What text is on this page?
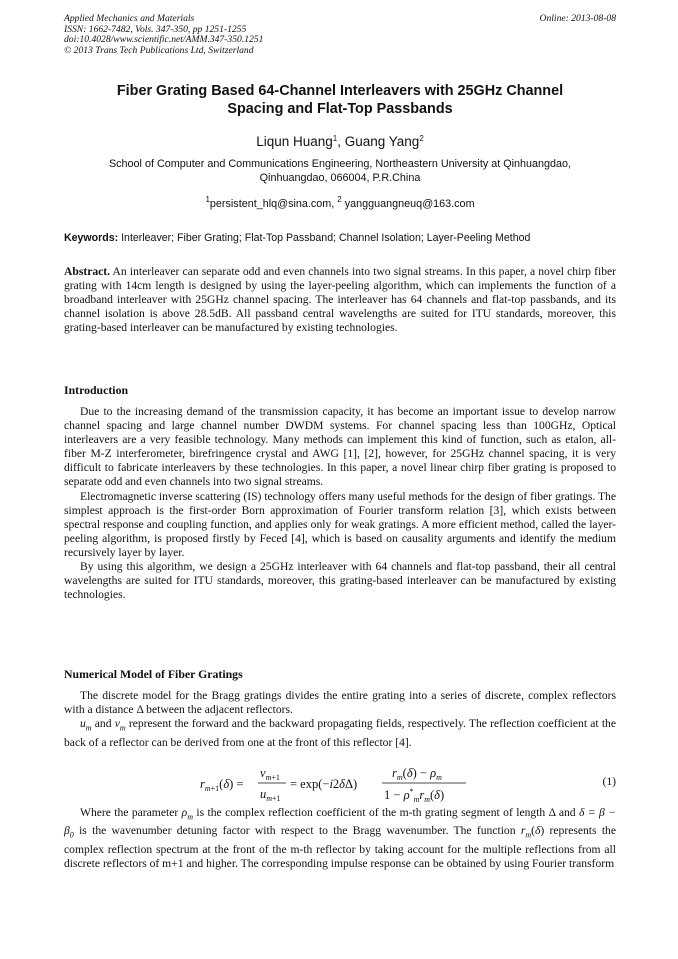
Applied Mechanics and Materials
ISSN: 1662-7482, Vols. 347-350, pp 1251-1255
doi:10.4028/www.scientific.net/AMM.347-350.1251
© 2013 Trans Tech Publications Ltd, Switzerland
Online: 2013-08-08
Fiber Grating Based 64-Channel Interleavers with 25GHz Channel
Spacing and Flat-Top Passbands
Liqun Huang$^1$, Guang Yang$^2$
School of Computer and Communications Engineering, Northeastern University at Qinhuangdao,
Qinhuangdao, 066004, P.R.China
$^1$persistent_hlq@sina.com, $^2$ yangguangneuq@163.com
Keywords: Interleaver; Fiber Grating; Flat-Top Passband; Channel Isolation; Layer-Peeling Method

Abstract. An interleaver can separate odd and even channels into two signal streams. In this paper, a novel chirp fiber grating with 14cm length is designed by using the layer-peeling algorithm, which can implements the function of a broadband interleaver with 25GHz channel spacing. The interleaver has 64 channels and flat-top passbands, and its channel isolation is above 28.5dB. All passband central wavelengths are suited for ITU standards, moreover, this grating-based interleaver can be manufactured by existing technologies.

Introduction

Due to the increasing demand of the transmission capacity, it has become an important issue to develop narrow channel spacing and large channel number DWDM systems. For channel spacing less than 100GHz, Optical interleavers are a very feasible technology. Many methods can implement this kind of function, such as etalon, all-fiber M-Z interferometer, birefringence crystal and AWG [1], [2], however, for 25GHz channel spacing, it is very difficult to fabricate interleavers by these technologies. In this paper, a novel linear chirp fiber grating is proposed to separate odd and even channels into two signal streams.

Electromagnetic inverse scattering (IS) technology offers many useful methods for the design of fiber gratings. The simplest approach is the first-order Born approximation of Fourier transform relation [3], which exists between spectral response and coupling function, and applies only for weak gratings. A more efficient method, called the layer-peeling algorithm, is proposed firstly by Feced [4], which is based on causality arguments and identify the medium recursively layer by layer.

By using this algorithm, we design a 25GHz interleaver with 64 channels and flat-top passband, their all central wavelengths are suited for ITU standards, moreover, this grating-based interleaver can be manufactured by existing technologies.

Numerical Model of Fiber Gratings

The discrete model for the Bragg gratings divides the entire grating into a series of discrete, complex reflectors with a distance Δ between the adjacent reflectors.

$u_m$ and $v_m$ represent the forward and the backward propagating fields, respectively. The reflection coefficient at the back of a reflector can be derived from one at the front of this reflector [4].

$r_m+1(\delta)$ =
$v_m+1$
$u_m+1$
= exp(−i2δΔ)
$r_m(\delta) - \rho_m$
$1 - \rho^*_mr_m(\delta)$
(1)

Where the parameter $\rho_m$ is the complex reflection coefficient of the m-th grating segment of length Δ and $\delta = \beta - \beta_0$ is the wavenumber detuning factor with respect to the Bragg wavenumber. The function $r_m(\delta)$ represents the complex reflection spectrum at the front of the m-th reflector by taking account for the multiple reflections from all discrete reflectors of m+1 and higher. The corresponding impulse response can be obtained by using Fourier transform
